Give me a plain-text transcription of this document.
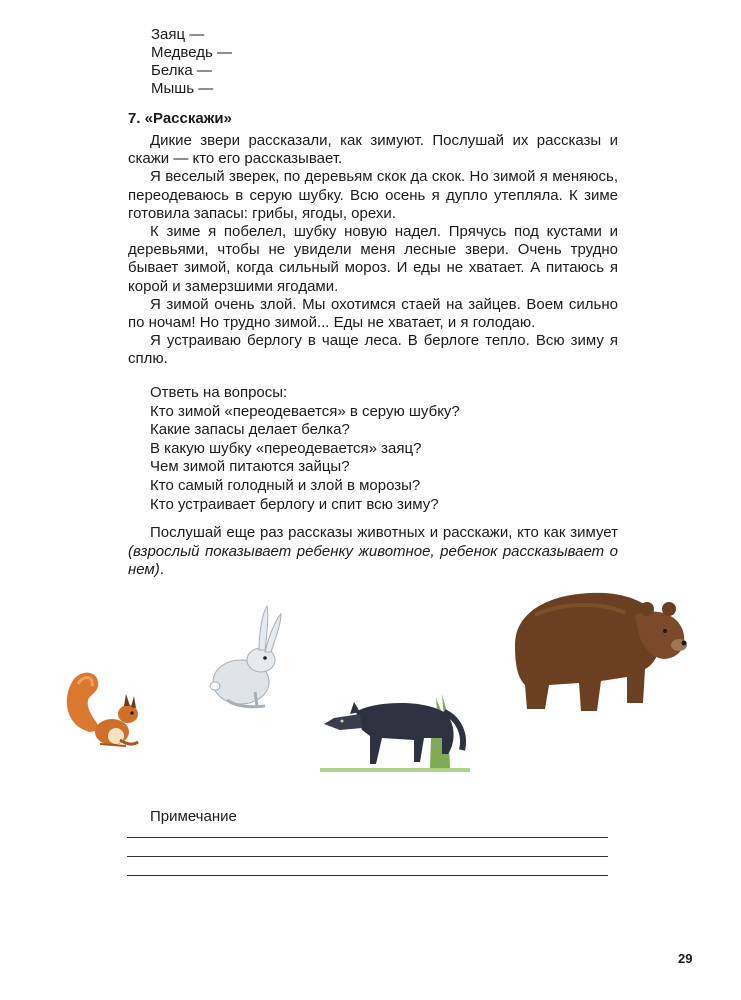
Заяц —
Медведь —
Белка —
Мышь —
7. «Расскажи»

Дикие звери рассказали, как зимуют. Послушай их рассказы и скажи — кто его рассказывает.

Я веселый зверек, по деревьям скок да скок. Но зимой я меняюсь, переодеваюсь в серую шубку. Всю осень я дупло утепляла. К зиме готовила запасы: грибы, ягоды, орехи.

К зиме я побелел, шубку новую надел. Прячусь под кустами и деревьями, чтобы не увидели меня лесные звери. Очень трудно бывает зимой, когда сильный мороз. И еды не хватает. А питаюсь я корой и замерзшими ягодами.

Я зимой очень злой. Мы охотимся стаей на зайцев. Воем сильно по ночам! Но трудно зимой... Еды не хватает, и я голодаю.

Я устраиваю берлогу в чаще леса. В берлоге тепло. Всю зиму я сплю.

Ответь на вопросы:
Кто зимой «переодевается» в серую шубку?
Какие запасы делает белка?
В какую шубку «переодевается» заяц?
Чем зимой питаются зайцы?
Кто самый голодный и злой в морозы?
Кто устраивает берлогу и спит всю зиму?

Послушай еще раз рассказы животных и расскажи, кто как зимует (взрослый показывает ребенку животное, ребенок рассказывает о нем).

Примечание
29
